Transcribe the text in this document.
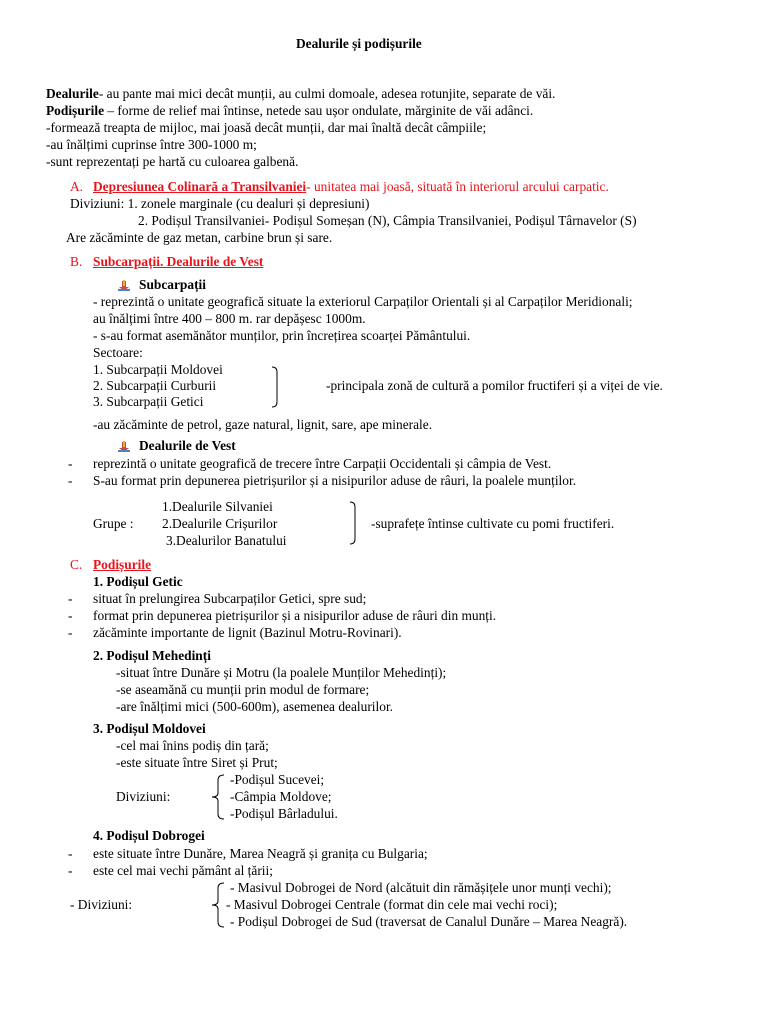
Dealurile și podișurile
Dealurile- au pante mai mici decât munții, au culmi domoale, adesea rotunjite, separate de văi.
Podișurile – forme de relief mai întinse, netede sau ușor ondulate, mărginite de văi adânci.
-formează treapta de mijloc, mai joasă decât munții, dar mai înaltă decât câmpiile;
-au înălțimi cuprinse între 300-1000 m;
-sunt reprezentați pe hartă cu culoarea galbenă.
A. Depresiunea Colinară a Transilvaniei- unitatea mai joasă, situată în interiorul arcului carpatic.
Diviziuni: 1. zonele marginale (cu dealuri și depresiuni)
2. Podișul Transilvaniei- Podișul Someșan (N), Câmpia Transilvaniei, Podișul Târnavelor (S)
Are zăcăminte de gaz metan, carbine brun și sare.
B. Subcarpații. Dealurile de Vest
Subcarpații
- reprezintă o unitate geografică situate la exteriorul Carpaților Orientali și al Carpaților Meridionali;
au înălțimi între 400 – 800 m. rar depășesc 1000m.
- s-au format asemănător munților, prin încrețirea scoarței Pământului.
Sectoare:
1. Subcarpații Moldovei
2. Subcarpații Curburii
3. Subcarpații Getici
-principala zonă de cultură a pomilor fructiferi și a viței de vie.
-au zăcăminte de petrol, gaze natural, lignit, sare, ape minerale.
Dealurile de Vest
- reprezintă o unitate geografică de trecere între Carpații Occidentali și câmpia de Vest.
- S-au format prin depunerea pietrișurilor și a nisipurilor aduse de râuri, la poalele munților.
1.Dealurile Silvaniei
Grupe : 2.Dealurile Crișurilor
3.Dealurilor Banatului
-suprafețe întinse cultivate cu pomi fructiferi.
C. Podișurile
1. Podișul Getic
- situat în prelungirea Subcarpaților Getici, spre sud;
- format prin depunerea pietrișurilor și a nisipurilor aduse de râuri din munți.
- zăcăminte importante de lignit (Bazinul Motru-Rovinari).
2. Podișul Mehedinți
-situat între Dunăre și Motru (la poalele Munților Mehedinți);
-se aseamănă cu munții prin modul de formare;
-are înălțimi mici (500-600m), asemenea dealurilor.
3. Podișul Moldovei
-cel mai înins podiș din țară;
-este situate între Siret și Prut;
-Podișul Sucevei;
Diviziuni:	-Câmpia Moldove;
-Podișul Bârladului.
4. Podișul Dobrogei
- este situate între Dunăre, Marea Neagră și granița cu Bulgaria;
- este cel mai vechi pământ al țării;
- Masivul Dobrogei de Nord (alcătuit din rămășițele unor munți vechi);
- Diviziuni:	- Masivul Dobrogei Centrale (format din cele mai vechi roci);
- Podișul Dobrogei de Sud (traversat de Canalul Dunăre – Marea Neagră).
